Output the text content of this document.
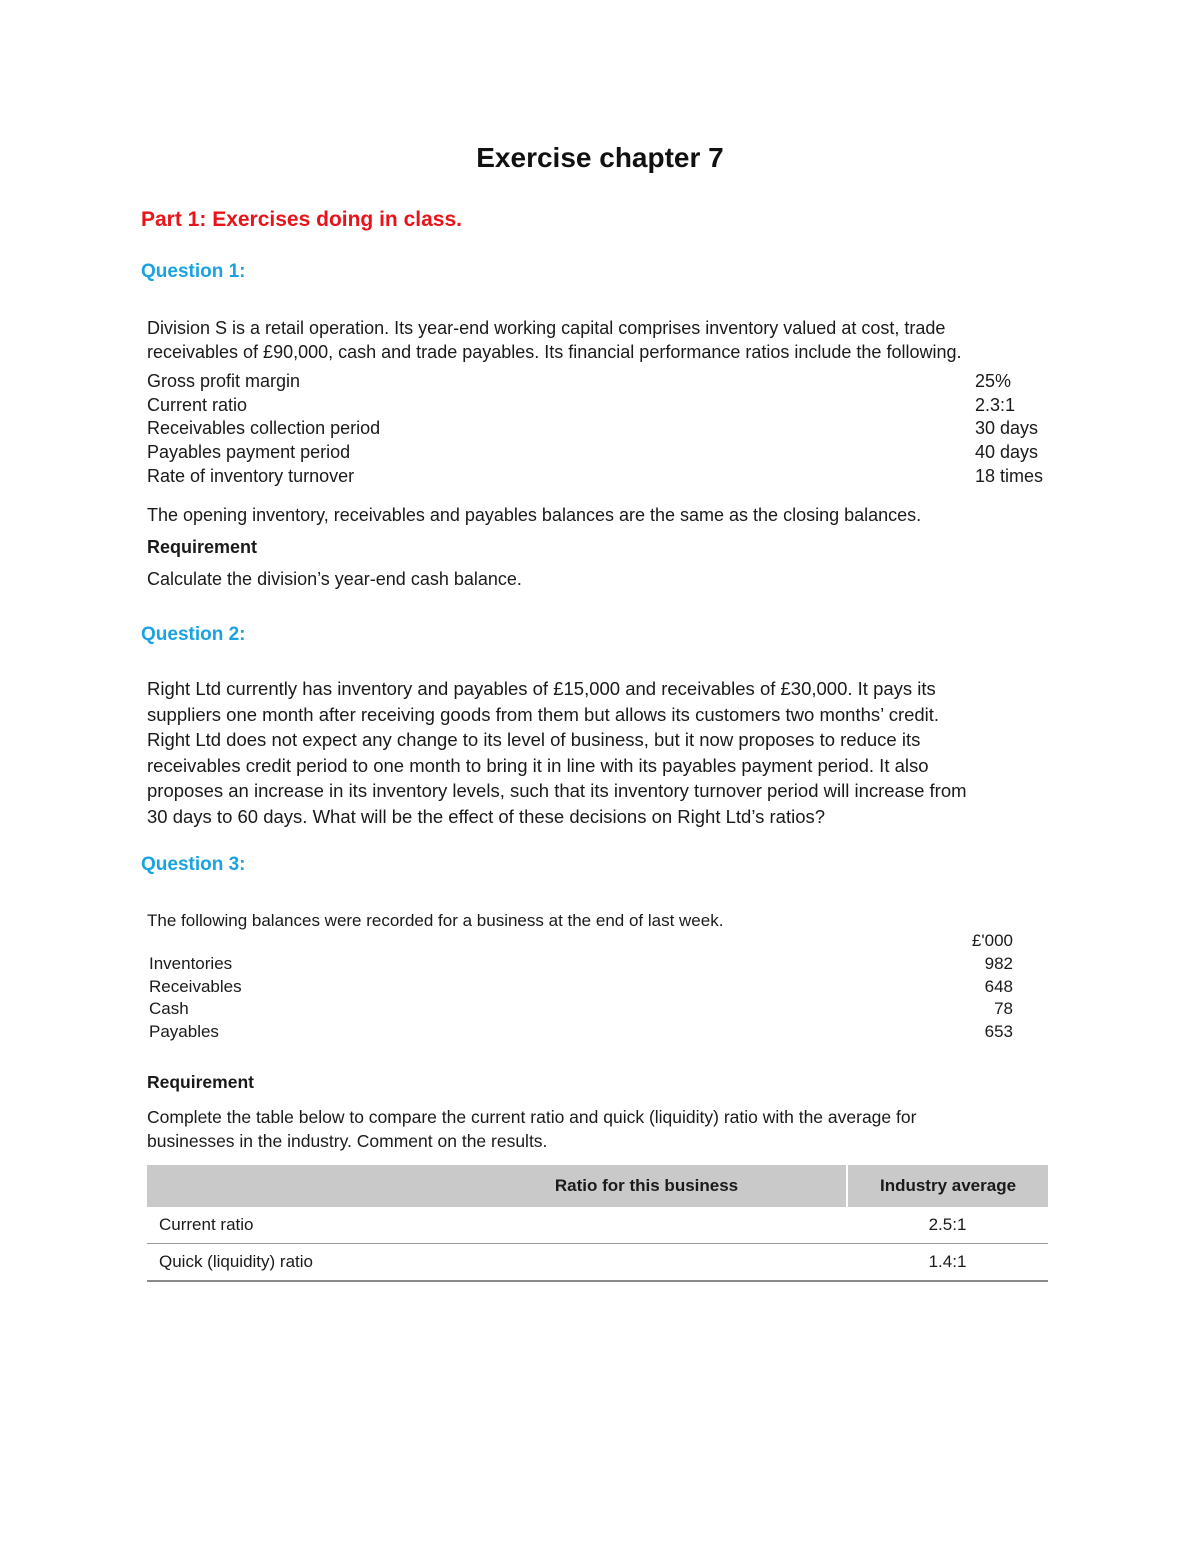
Exercise chapter 7
Part 1: Exercises doing in class.
Question 1:
Division S is a retail operation. Its year-end working capital comprises inventory valued at cost, trade
receivables of £90,000, cash and trade payables. Its financial performance ratios include the following.
Gross profit margin	25%
Current ratio	2.3:1
Receivables collection period	30 days
Payables payment period	40 days
Rate of inventory turnover	18 times
The opening inventory, receivables and payables balances are the same as the closing balances.
Requirement
Calculate the division’s year-end cash balance.
Question 2:
Right Ltd currently has inventory and payables of £15,000 and receivables of £30,000. It pays its
suppliers one month after receiving goods from them but allows its customers two months’ credit.
Right Ltd does not expect any change to its level of business, but it now proposes to reduce its
receivables credit period to one month to bring it in line with its payables payment period. It also
proposes an increase in its inventory levels, such that its inventory turnover period will increase from
30 days to 60 days. What will be the effect of these decisions on Right Ltd’s ratios?
Question 3:
The following balances were recorded for a business at the end of last week.
£'000
Inventories	982
Receivables	648
Cash	78
Payables	653
Requirement
Complete the table below to compare the current ratio and quick (liquidity) ratio with the average for
businesses in the industry. Comment on the results.
	Ratio for this business	Industry average
Current ratio		2.5:1
Quick (liquidity) ratio		1.4:1
